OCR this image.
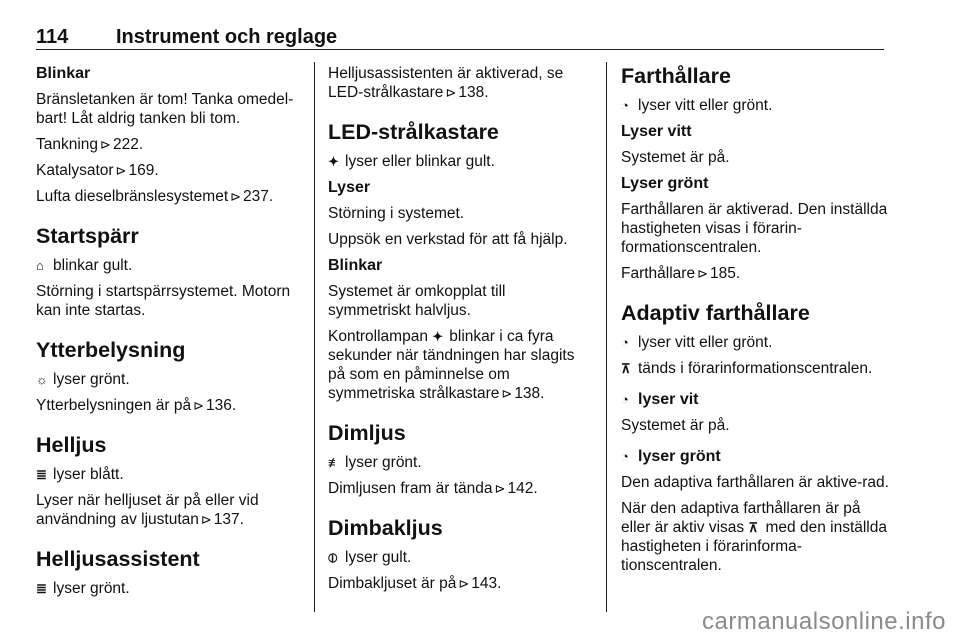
114 Instrument och reglage
Blinkar

Bränsletanken är tom! Tanka omedel-bart! Låt aldrig tanken bli tom.

Tankning ⊳ 222.

Katalysator ⊳ 169.

Lufta dieselbränslesystemet ⊳ 237.

Startspärr

⌂ blinkar gult.

Störning i startspärrsystemet. Motorn kan inte startas.

Ytterbelysning

☼ lyser grönt.

Ytterbelysningen är på ⊳ 136.

Helljus

≣ lyser blått.

Lyser när helljuset är på eller vid användning av ljustutan ⊳ 137.

Helljusassistent

≣ lyser grönt.

Helljusassistenten är aktiverad, se LED-strålkastare ⊳ 138.

LED-strålkastare

✦ lyser eller blinkar gult.

Lyser

Störning i systemet.

Uppsök en verkstad för att få hjälp.

Blinkar

Systemet är omkopplat till symmetriskt halvljus.

Kontrollampan ✦ blinkar i ca fyra sekunder när tändningen har slagits på som en påminnelse om symmetriska strålkastare ⊳ 138.

Dimljus

≢ lyser grönt.

Dimljusen fram är tända ⊳ 142.

Dimbakljus

⦶ lyser gult.

Dimbakljuset är på ⊳ 143.

Farthållare

◔ lyser vitt eller grönt.

Lyser vitt

Systemet är på.

Lyser grönt

Farthållaren är aktiverad. Den inställda hastigheten visas i förarin-formationscentralen.

Farthållare ⊳ 185.

Adaptiv farthållare

◔ lyser vitt eller grönt.

⊼ tänds i förarinformationscentralen.

◔ lyser vit

Systemet är på.

◔ lyser grönt

Den adaptiva farthållaren är aktive-rad.

När den adaptiva farthållaren är på eller är aktiv visas ⊼ med den inställda hastigheten i förarinforma-tionscentralen.

carmanualsonline.info
